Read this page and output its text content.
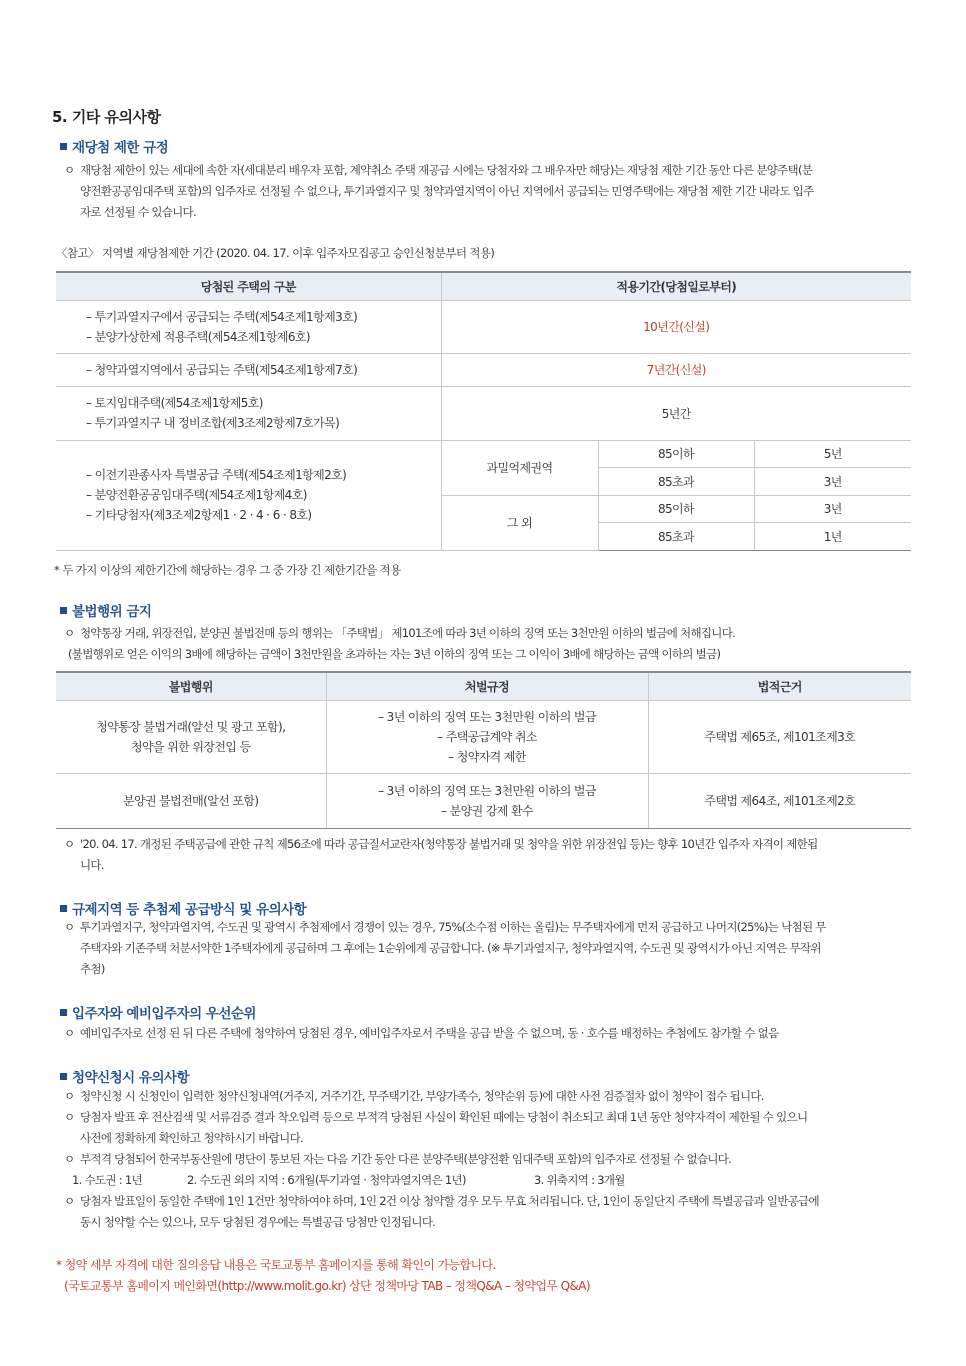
5. 기타 유의사항
재당첨 제한 규정
ㅇ 재당첨 제한이 있는 세대에 속한 자(세대분리 배우자 포함, 계약취소 주택 재공급 시에는 당첨자와 그 배우자만 해당)는 재당첨 제한 기간 동안 다른 분양주택(분
양전환공공임대주택 포함)의 입주자로 선정될 수 없으나, 투기과열지구 및 청약과열지역이 아닌 지역에서 공급되는 민영주택에는 재당첨 제한 기간 내라도 입주
자로 선정될 수 있습니다.
〈참고〉 지역별 재당첨제한 기간 (2020. 04. 17. 이후 입주자모집공고 승인신청분부터 적용)
당첨된 주택의 구분	적용기간(당첨일로부터)		

– 투기과열지구에서 공급되는 주택(제54조제1항제3호)
– 분양가상한제 적용주택(제54조제1항제6호)	10년간(신설)		
– 청약과열지역에서 공급되는 주택(제54조제1항제7호)	7년간(신설)		

– 토지임대주택(제54조제1항제5호)
– 투기과열지구 내 정비조합(제3조제2항제7호가목)	5년간		

– 이전기관종사자 특별공급 주택(제54조제1항제2호)
– 분양전환공공임대주택(제54조제1항제4호)
– 기타당첨자(제3조제2항제1 · 2 · 4 · 6 · 8호)	과밀억제권역	85이하	5년
		85초과	3년
	그 외	85이하	3년
		85초과	1년
* 두 가지 이상의 제한기간에 해당하는 경우 그 중 가장 긴 제한기간을 적용
불법행위 금지
ㅇ 청약통장 거래, 위장전입, 분양권 불법전매 등의 행위는 「주택법」 제101조에 따라 3년 이하의 징역 또는 3천만원 이하의 벌금에 처해집니다.
(불법행위로 얻은 이익의 3배에 해당하는 금액이 3천만원을 초과하는 자는 3년 이하의 징역 또는 그 이익이 3배에 해당하는 금액 이하의 벌금)
불법행위	처벌규정	법적근거

청약통장 불법거래(알선 및 광고 포함),
청약을 위한 위장전입 등	– 3년 이하의 징역 또는 3천만원 이하의 벌금
– 주택공급계약 취소
– 청약자격 제한	주택법 제65조, 제101조제3호
분양권 불법전매(알선 포함)	– 3년 이하의 징역 또는 3천만원 이하의 벌금
– 분양권 강제 환수	주택법 제64조, 제101조제2호
ㅇ '20. 04. 17. 개정된 주택공급에 관한 규칙 제56조에 따라 공급질서교란자(청약통장 불법거래 및 청약을 위한 위장전입 등)는 향후 10년간 입주자 자격이 제한됩
니다.
규제지역 등 추첨제 공급방식 및 유의사항
ㅇ 투기과열지구, 청약과열지역, 수도권 및 광역시 추첨제에서 경쟁이 있는 경우, 75%(소수점 이하는 올림)는 무주택자에게 먼저 공급하고 나머지(25%)는 낙첨된 무
주택자와 기존주택 처분서약한 1주택자에게 공급하며 그 후에는 1순위에게 공급합니다. (※ 투기과열지구, 청약과열지역, 수도권 및 광역시가 아닌 지역은 무작위
추첨)
입주자와 예비입주자의 우선순위
ㅇ 예비입주자로 선정 된 뒤 다른 주택에 청약하여 당첨된 경우, 예비입주자로서 주택을 공급 받을 수 없으며, 동 · 호수를 배정하는 추첨에도 참가할 수 없음
청약신청시 유의사항
ㅇ 청약신청 시 신청인이 입력한 청약신청내역(거주지, 거주기간, 무주택기간, 부양가족수, 청약순위 등)에 대한 사전 검증절차 없이 청약이 접수 됩니다.
ㅇ 당첨자 발표 후 전산검색 및 서류검증 결과 착오입력 등으로 부적격 당첨된 사실이 확인된 때에는 당첨이 취소되고 최대 1년 동안 청약자격이 제한될 수 있으니
사전에 정확하게 확인하고 청약하시기 바랍니다.
ㅇ 부적격 당첨되어 한국부동산원에 명단이 통보된 자는 다음 기간 동안 다른 분양주택(분양전환 임대주택 포함)의 입주자로 선정될 수 없습니다.
1. 수도권 : 1년	2. 수도권 외의 지역 : 6개월(투기과열 · 청약과열지역은 1년)	3. 위축지역 : 3개월
ㅇ 당첨자 발표일이 동일한 주택에 1인 1건만 청약하여야 하며, 1인 2건 이상 청약할 경우 모두 무효 처리됩니다. 단, 1인이 동일단지 주택에 특별공급과 일반공급에
동시 청약할 수는 있으나, 모두 당첨된 경우에는 특별공급 당첨만 인정됩니다.
* 청약 세부 자격에 대한 질의응답 내용은 국토교통부 홈페이지를 통해 확인이 가능합니다.
(국토교통부 홈페이지 메인화면(http://www.molit.go.kr) 상단 정책마당 TAB – 정책Q&A – 청약업무 Q&A)
